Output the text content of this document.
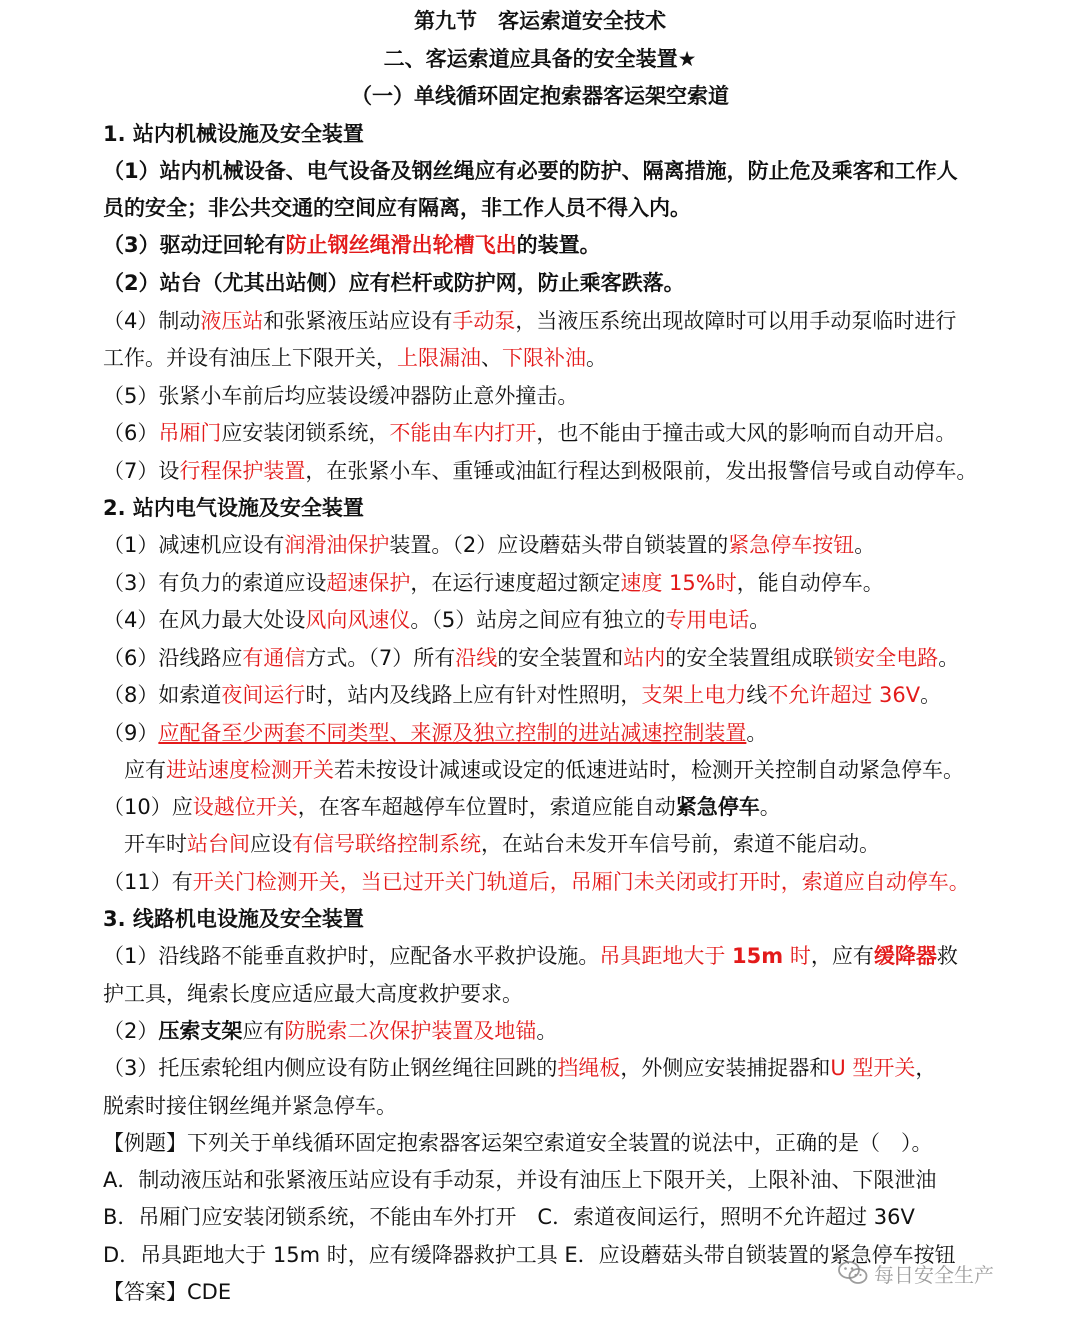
第九节　客运索道安全技术
二、客运索道应具备的安全装置★
（一）单线循环固定抱索器客运架空索道
1. 站内机械设施及安全装置
（1）站内机械设备、电气设备及钢丝绳应有必要的防护、隔离措施，防止危及乘客和工作人
员的安全；非公共交通的空间应有隔离，非工作人员不得入内。
（3）驱动迂回轮有防止钢丝绳滑出轮槽飞出的装置。
（2）站台（尤其出站侧）应有栏杆或防护网，防止乘客跌落。
（4）制动液压站和张紧液压站应设有手动泵，当液压系统出现故障时可以用手动泵临时进行
工作。并设有油压上下限开关，上限漏油、下限补油。
（5）张紧小车前后均应装设缓冲器防止意外撞击。
（6）吊厢门应安装闭锁系统，不能由车内打开，也不能由于撞击或大风的影响而自动开启。
（7）设行程保护装置，在张紧小车、重锤或油缸行程达到极限前，发出报警信号或自动停车。
2. 站内电气设施及安全装置
（1）减速机应设有润滑油保护装置。（2）应设蘑菇头带自锁装置的紧急停车按钮。
（3）有负力的索道应设超速保护，在运行速度超过额定速度 15%时，能自动停车。
（4）在风力最大处设风向风速仪。（5）站房之间应有独立的专用电话。
（6）沿线路应有通信方式。（7）所有沿线的安全装置和站内的安全装置组成联锁安全电路。
（8）如索道夜间运行时，站内及线路上应有针对性照明，支架上电力线不允许超过 36V。
（9）应配备至少两套不同类型、来源及独立控制的进站减速控制装置。
应有进站速度检测开关若未按设计减速或设定的低速进站时，检测开关控制自动紧急停车。
（10）应设越位开关，在客车超越停车位置时，索道应能自动紧急停车。
开车时站台间应设有信号联络控制系统，在站台未发开车信号前，索道不能启动。
（11）有开关门检测开关，当已过开关门轨道后，吊厢门未关闭或打开时，索道应自动停车。
3. 线路机电设施及安全装置
（1）沿线路不能垂直救护时，应配备水平救护设施。吊具距地大于 15m 时，应有缓降器救
护工具，绳索长度应适应最大高度救护要求。
（2）压索支架应有防脱索二次保护装置及地锚。
（3）托压索轮组内侧应设有防止钢丝绳往回跳的挡绳板，外侧应安装捕捉器和U 型开关，
脱索时接住钢丝绳并紧急停车。
【例题】下列关于单线循环固定抱索器客运架空索道安全装置的说法中，正确的是（　）。
A．制动液压站和张紧液压站应设有手动泵，并设有油压上下限开关，上限补油、下限泄油
B．吊厢门应安装闭锁系统，不能由车外打开　C．索道夜间运行，照明不允许超过 36V
D．吊具距地大于 15m 时，应有缓降器救护工具 E．应设蘑菇头带自锁装置的紧急停车按钮
【答案】CDE
每日安全生产
